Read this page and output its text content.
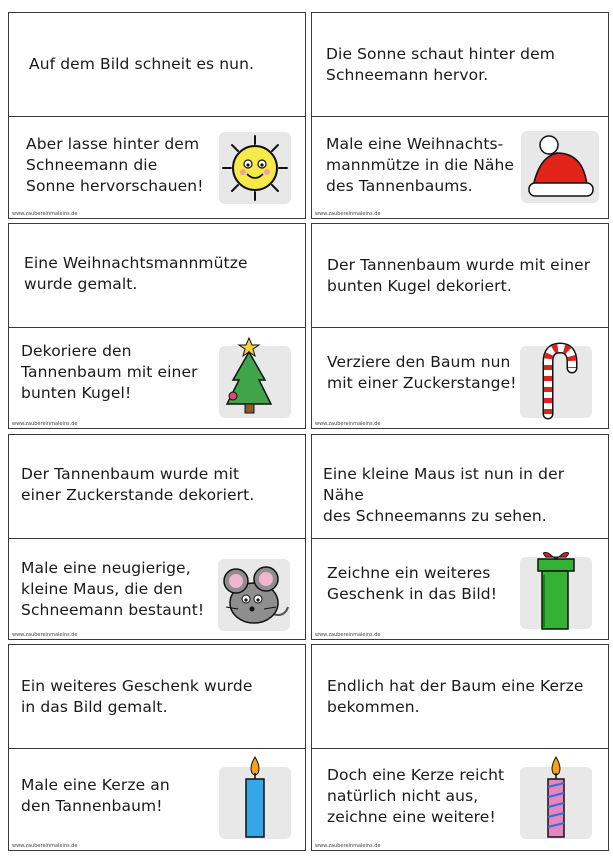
Auf dem Bild schneit es nun.
Aber lasse hinter dem
Schneemann die
Sonne hervorschauen!
www.zaubereinmaleins.de
Die Sonne schaut hinter dem
Schneemann hervor.
Male eine Weihnachts-
mannmütze in die Nähe
des Tannenbaums.
www.zaubereinmaleins.de
Eine Weihnachtsmannmütze
wurde gemalt.
Dekoriere den
Tannenbaum mit einer
bunten Kugel!
www.zaubereinmaleins.de
Der Tannenbaum wurde mit einer
bunten Kugel dekoriert.
Verziere den Baum nun
mit einer Zuckerstange!
www.zaubereinmaleins.de
Der Tannenbaum wurde mit
einer Zuckerstande dekoriert.
Male eine neugierige,
kleine Maus, die den
Schneemann bestaunt!
www.zaubereinmaleins.de
Eine kleine Maus ist nun in der Nähe
des Schneemanns zu sehen.
Zeichne ein weiteres
Geschenk in das Bild!
www.zaubereinmaleins.de
Ein weiteres Geschenk wurde
in das Bild gemalt.
Male eine Kerze an
den Tannenbaum!
www.zaubereinmaleins.de
Endlich hat der Baum eine Kerze
bekommen.
Doch eine Kerze reicht
natürlich nicht aus,
zeichne eine weitere!
www.zaubereinmaleins.de
